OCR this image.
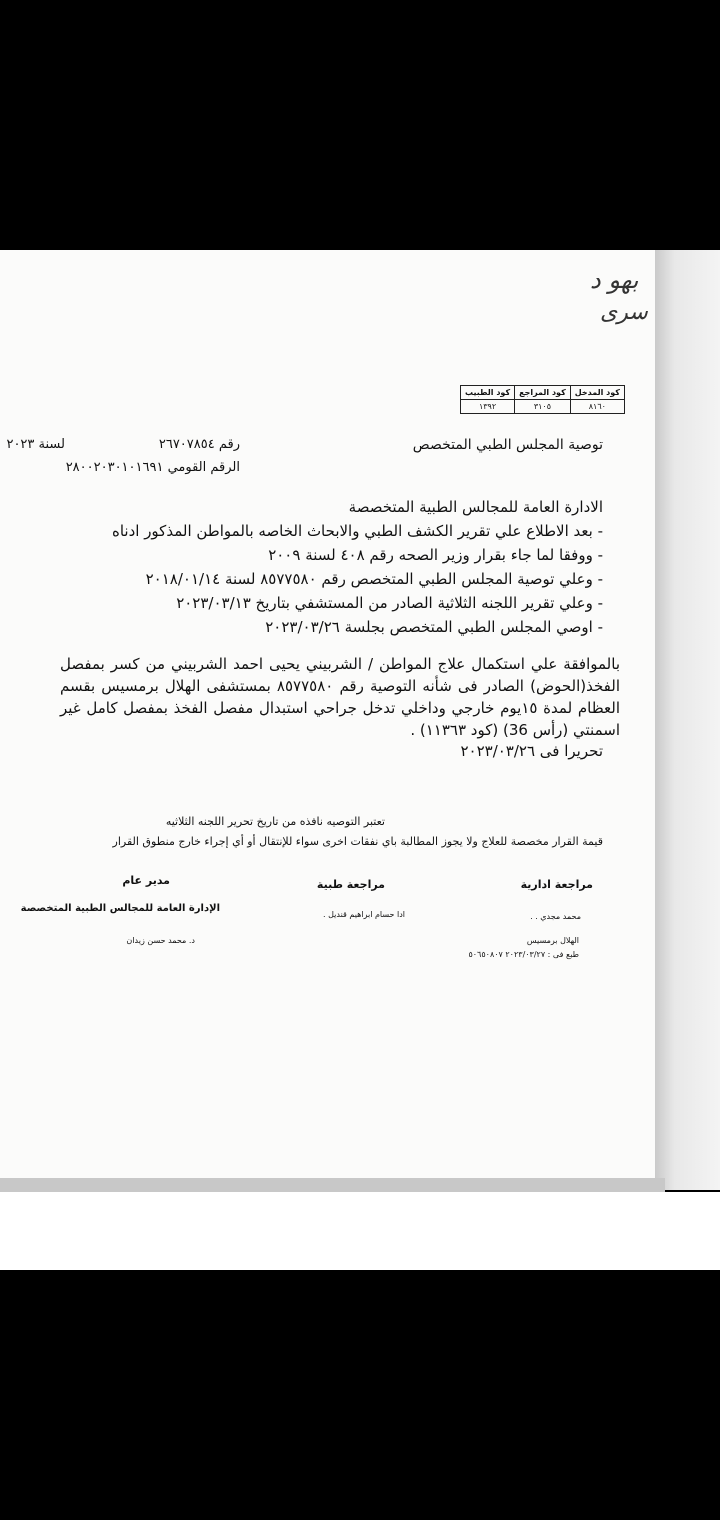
بهو د
سرى
كود المدخل	كود المراجع	كود الطبيب
٨١٦٠	٣١٠٥	١٣٩٢
توصية المجلس الطبي المتخصص
رقم ٢٦٧٠٧٨٥٤
لسنة ٢٠٢٣
الرقم القومي ٢٨٠٠٢٠٣٠١٠١٦٩١
الادارة العامة للمجالس الطبية المتخصصة
- بعد الاطلاع علي تقرير الكشف الطبي والابحاث الخاصه بالمواطن المذكور ادناه
- ووفقا لما جاء بقرار وزير الصحه رقم ٤٠٨ لسنة ٢٠٠٩
- وعلي توصية المجلس الطبي المتخصص رقم ٨٥٧٧٥٨٠ لسنة ٢٠١٨/٠١/١٤
- وعلي تقرير اللجنه الثلاثية الصادر من المستشفي بتاريخ ٢٠٢٣/٠٣/١٣
- اوصي المجلس الطبي المتخصص بجلسة ٢٠٢٣/٠٣/٢٦
بالموافقة علي استكمال علاج المواطن / الشربيني يحيى احمد الشربيني من كسر بمفصل الفخذ(الحوض) الصادر فى شأنه التوصية رقم ٨٥٧٧٥٨٠ بمستشفى الهلال برمسيس بقسم العظام لمدة ١٥يوم خارجي وداخلي تدخل جراحي استبدال مفصل الفخذ بمفصل كامل غير اسمنتي (رأس 36) (كود ١١٣٦٣) .
تحريرا فى ٢٠٢٣/٠٣/٢٦
تعتبر التوصيه نافذه من تاريخ تحرير اللجنه الثلاثيه
قيمة القرار مخصصة للعلاج ولا يجوز المطالبة باي نفقات اخرى سواء للإنتقال أو أي إجراء خارج منطوق القرار
مراجعة ادارية
مراجعة طبية
مدير عام
الإدارة العامة للمجالس الطبية المتخصصة
محمد مجدي . .
ادا حسام ابراهيم قنديل .
د. محمد حسن زيدان	الهلال برمسيس
طبع فى : ٢٠٢٣/٠٣/٢٧ ٥٠٦٥٠٨٠٧
